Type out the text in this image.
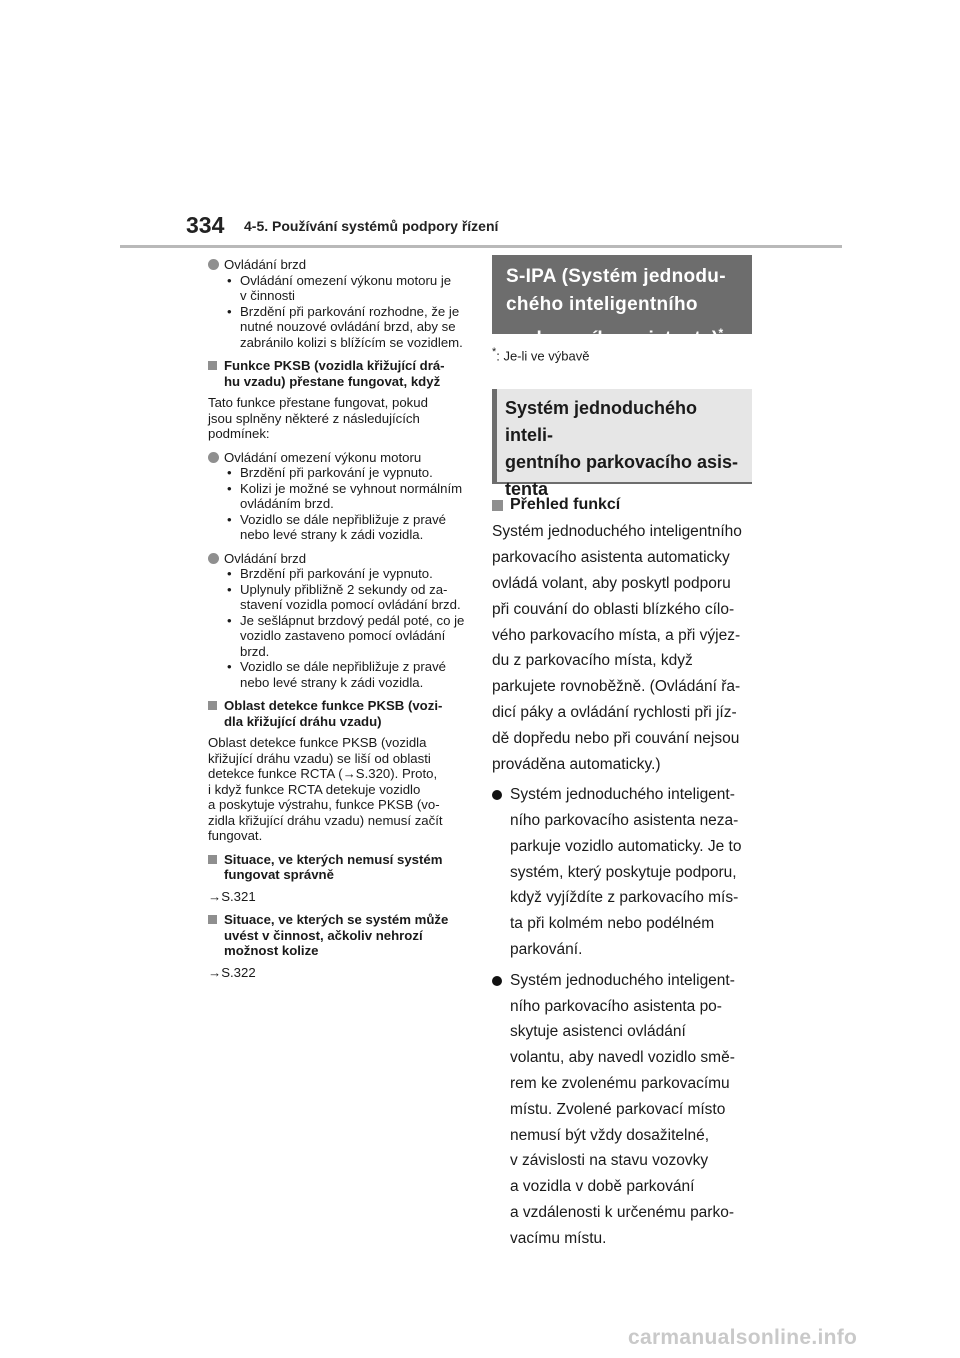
334 4-5. Používání systémů podpory řízení
Ovládání brzd
• Ovládání omezení výkonu motoru je
v činnosti
• Brzdění při parkování rozhodne, že je
nutné nouzové ovládání brzd, aby se
zabránilo kolizi s blížícím se vozidlem.
Funkce PKSB (vozidla křižující drá-
hu vzadu) přestane fungovat, když
Tato funkce přestane fungovat, pokud
jsou splněny některé z následujících
podmínek:
Ovládání omezení výkonu motoru
• Brzdění při parkování je vypnuto.
• Kolizi je možné se vyhnout normálním
ovládáním brzd.
• Vozidlo se dále nepřibližuje z pravé
nebo levé strany k zádi vozidla.
Ovládání brzd
• Brzdění při parkování je vypnuto.
• Uplynuly přibližně 2 sekundy od za-
stavení vozidla pomocí ovládání brzd.
• Je sešlápnut brzdový pedál poté, co je
vozidlo zastaveno pomocí ovládání
brzd.
• Vozidlo se dále nepřibližuje z pravé
nebo levé strany k zádi vozidla.
Oblast detekce funkce PKSB (vozi-
dla křižující dráhu vzadu)
Oblast detekce funkce PKSB (vozidla
křižující dráhu vzadu) se liší od oblasti
detekce funkce RCTA (→S.320). Proto,
i když funkce RCTA detekuje vozidlo
a poskytuje výstrahu, funkce PKSB (vo-
zidla křižující dráhu vzadu) nemusí začít
fungovat.
Situace, ve kterých nemusí systém
fungovat správně
→S.321
Situace, ve kterých se systém může
uvést v činnost, ačkoliv nehrozí
možnost kolize
→S.322
S-IPA (Systém jednodu-
chého inteligentního
parkovacího asistenta)*
*: Je-li ve výbavě
Systém jednoduchého inteli-
gentního parkovacího asis-
tenta
Přehled funkcí
Systém jednoduchého inteligentního
parkovacího asistenta automaticky
ovládá volant, aby poskytl podporu
při couvání do oblasti blízkého cílo-
vého parkovacího místa, a při výjez-
du z parkovacího místa, když
parkujete rovnoběžně. (Ovládání řa-
dicí páky a ovládání rychlosti při jíz-
dě dopředu nebo při couvání nejsou
prováděna automaticky.)
Systém jednoduchého inteligent-
ního parkovacího asistenta neza-
parkuje vozidlo automaticky. Je to
systém, který poskytuje podporu,
když vyjíždíte z parkovacího mís-
ta při kolmém nebo podélném
parkování.
Systém jednoduchého inteligent-
ního parkovacího asistenta po-
skytuje asistenci ovládání
volantu, aby navedl vozidlo smě-
rem ke zvolenému parkovacímu
místu. Zvolené parkovací místo
nemusí být vždy dosažitelné,
v závislosti na stavu vozovky
a vozidla v době parkování
a vzdálenosti k určenému parko-
vacímu místu.
carmanualsonline.info
